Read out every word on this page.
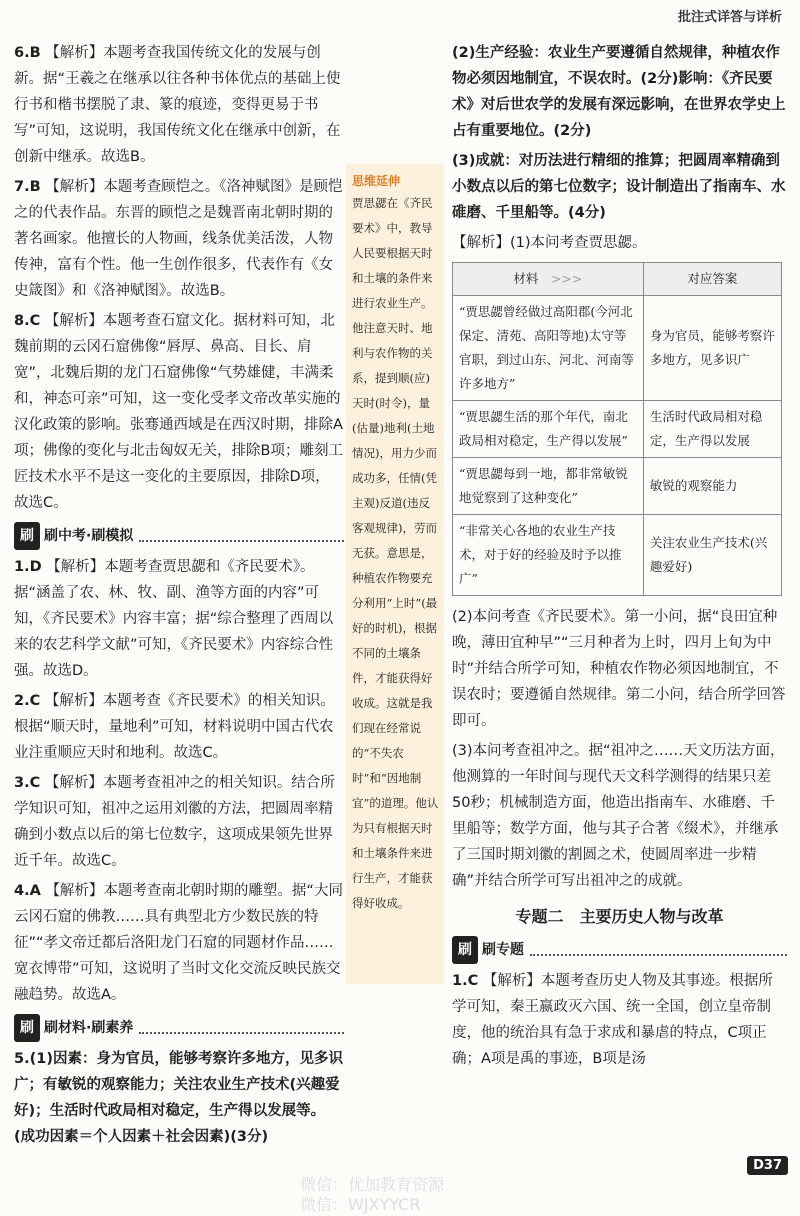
批注式详答与详析
6.B 【解析】本题考查我国传统文化的发展与创新。据“王羲之在继承以往各种书体优点的基础上使行书和楷书摆脱了隶、篆的痕迹，变得更易于书写”可知，这说明，我国传统文化在继承中创新，在创新中继承。故选B。
7.B 【解析】本题考查顾恺之。《洛神赋图》是顾恺之的代表作品。东晋的顾恺之是魏晋南北朝时期的著名画家。他擅长的人物画，线条优美活泼，人物传神，富有个性。他一生创作很多，代表作有《女史箴图》和《洛神赋图》。故选B。
8.C 【解析】本题考查石窟文化。据材料可知，北魏前期的云冈石窟佛像“唇厚、鼻高、目长、肩宽”，北魏后期的龙门石窟佛像“气势雄健，丰满柔和，神态可亲”可知，这一变化受孝文帝改革实施的汉化政策的影响。张骞通西域是在西汉时期，排除A项；佛像的变化与北击匈奴无关，排除B项；雕刻工匠技术水平不是这一变化的主要原因，排除D项，故选C。
刷 刷中考·刷模拟
1.D 【解析】本题考查贾思勰和《齐民要术》。据“涵盖了农、林、牧、副、渔等方面的内容”可知，《齐民要术》内容丰富；据“综合整理了西周以来的农艺科学文献”可知，《齐民要术》内容综合性强。故选D。
2.C 【解析】本题考查《齐民要术》的相关知识。根据“顺天时，量地利”可知，材料说明中国古代农业注重顺应天时和地利。故选C。
3.C 【解析】本题考查祖冲之的相关知识。结合所学知识可知，祖冲之运用刘徽的方法，把圆周率精确到小数点以后的第七位数字，这项成果领先世界近千年。故选C。
4.A 【解析】本题考查南北朝时期的雕塑。据“大同云冈石窟的佛教……具有典型北方少数民族的特征”“孝文帝迁都后洛阳龙门石窟的同题材作品……宽衣博带”可知，这说明了当时文化交流反映民族交融趋势。故选A。
刷 刷材料·刷素养
5.(1)因素：身为官员，能够考察许多地方，见多识广；有敏锐的观察能力；关注农业生产技术(兴趣爱好)；生活时代政局相对稳定，生产得以发展等。(成功因素＝个人因素＋社会因素)(3分)
思维延伸
贾思勰在《齐民要术》中，教导人民要根据天时和土壤的条件来进行农业生产。他注意天时、地利与农作物的关系，提到顺(应)天时(时令)，量(估量)地利(土地情况)，用力少而成功多，任情(凭主观)反道(违反客观规律)，劳而无获。意思是，种植农作物要充分利用“上时”(最好的时机)，根据不同的土壤条件，才能获得好收成。这就是我们现在经常说的“不失农时”和“因地制宜”的道理。他认为只有根据天时和土壤条件来进行生产，才能获得好收成。
(2)生产经验：农业生产要遵循自然规律，种植农作物必须因地制宜，不误农时。(2分)影响：《齐民要术》对后世农学的发展有深远影响，在世界农学史上占有重要地位。(2分)
(3)成就：对历法进行精细的推算；把圆周率精确到小数点以后的第七位数字；设计制造出了指南车、水碓磨、千里船等。(4分)
【解析】(1)本问考查贾思勰。
材料　 >>>	对应答案
“贾思勰曾经做过高阳郡(今河北保定、清苑、高阳等地)太守等官职，到过山东、河北、河南等许多地方”	身为官员，能够考察许多地方，见多识广
“贾思勰生活的那个年代，南北政局相对稳定，生产得以发展”	生活时代政局相对稳定，生产得以发展
“贾思勰每到一地，都非常敏锐地觉察到了这种变化”	敏锐的观察能力
“非常关心各地的农业生产技术，对于好的经验及时予以推广”	关注农业生产技术(兴趣爱好)
(2)本问考查《齐民要术》。第一小问，据“良田宜种晚，薄田宜种早”“三月种者为上时，四月上旬为中时”并结合所学可知，种植农作物必须因地制宜，不误农时；要遵循自然规律。第二小问，结合所学回答即可。
(3)本问考查祖冲之。据“祖冲之……天文历法方面，他测算的一年时间与现代天文科学测得的结果只差50秒；机械制造方面，他造出指南车、水碓磨、千里船等；数学方面，他与其子合著《缀术》，并继承了三国时期刘徽的割圆之术，使圆周率进一步精确”并结合所学可写出祖冲之的成就。
专题二　主要历史人物与改革
刷 刷专题
1.C 【解析】本题考查历史人物及其事迹。根据所学可知，秦王嬴政灭六国、统一全国，创立皇帝制度，他的统治具有急于求成和暴虐的特点，C项正确；A项是禹的事迹，B项是汤
D37
微信：优加教育资源
微信：WJXYYCR
